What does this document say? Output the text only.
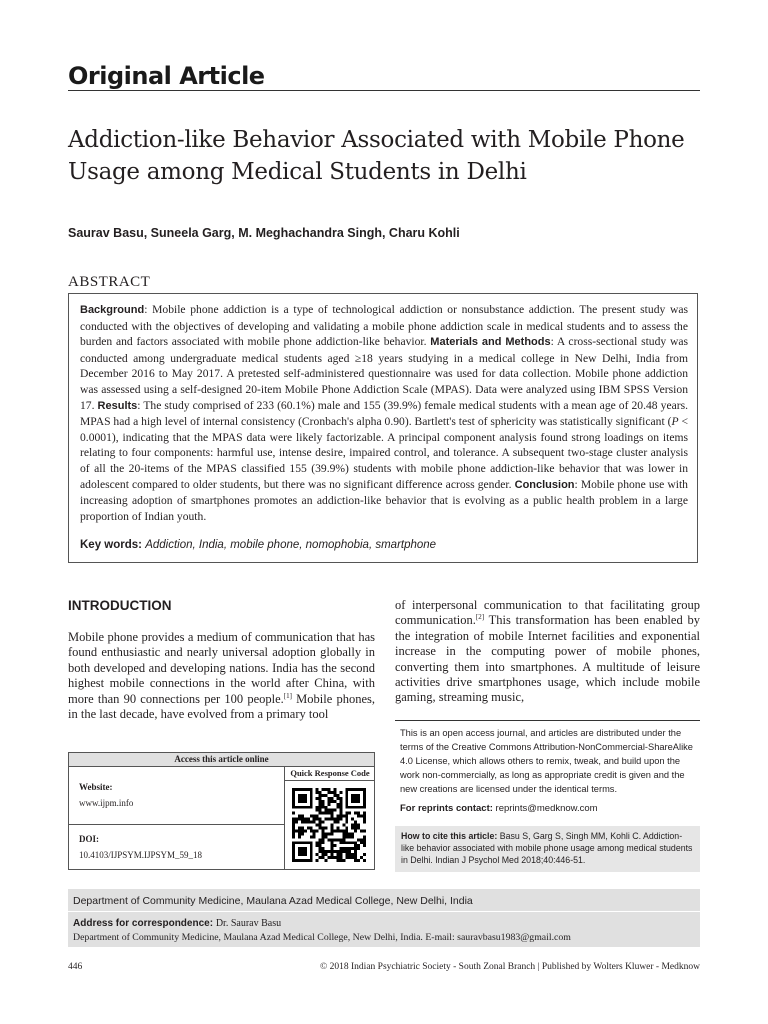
Original Article
Addiction-like Behavior Associated with Mobile Phone
Usage among Medical Students in Delhi
Saurav Basu, Suneela Garg, M. Meghachandra Singh, Charu Kohli
ABSTRACT
Background: Mobile phone addiction is a type of technological addiction or nonsubstance addiction. The present study was conducted with the objectives of developing and validating a mobile phone addiction scale in medical students and to assess the burden and factors associated with mobile phone addiction-like behavior. Materials and Methods: A cross-sectional study was conducted among undergraduate medical students aged ≥18 years studying in a medical college in New Delhi, India from December 2016 to May 2017. A pretested self-administered questionnaire was used for data collection. Mobile phone addiction was assessed using a self-designed 20-item Mobile Phone Addiction Scale (MPAS). Data were analyzed using IBM SPSS Version 17. Results: The study comprised of 233 (60.1%) male and 155 (39.9%) female medical students with a mean age of 20.48 years. MPAS had a high level of internal consistency (Cronbach's alpha 0.90). Bartlett's test of sphericity was statistically significant (P < 0.0001), indicating that the MPAS data were likely factorizable. A principal component analysis found strong loadings on items relating to four components: harmful use, intense desire, impaired control, and tolerance. A subsequent two-stage cluster analysis of all the 20-items of the MPAS classified 155 (39.9%) students with mobile phone addiction-like behavior that was lower in adolescent compared to older students, but there was no significant difference across gender. Conclusion: Mobile phone use with increasing adoption of smartphones promotes an addiction-like behavior that is evolving as a public health problem in a large proportion of Indian youth.
Key words: Addiction, India, mobile phone, nomophobia, smartphone
INTRODUCTION
Mobile phone provides a medium of communication that has found enthusiastic and nearly universal adoption globally in both developed and developing nations. India has the second highest mobile connections in the world after China, with more than 90 connections per 100 people.[1] Mobile phones, in the last decade, have evolved from a primary tool
of interpersonal communication to that facilitating group communication.[2] This transformation has been enabled by the integration of mobile Internet facilities and exponential increase in the computing power of mobile phones, converting them into smartphones. A multitude of leisure activities drive smartphones usage, which include mobile gaming, streaming music,
Access this article online
Website:
www.ijpm.info
DOI:
10.4103/IJPSYM.IJPSYM_59_18
Quick Response Code
This is an open access journal, and articles are distributed under the terms of the Creative Commons Attribution-NonCommercial-ShareAlike 4.0 License, which allows others to remix, tweak, and build upon the work non-commercially, as long as appropriate credit is given and the new creations are licensed under the identical terms.
For reprints contact: reprints@medknow.com
How to cite this article: Basu S, Garg S, Singh MM, Kohli C. Addiction-like behavior associated with mobile phone usage among medical students in Delhi. Indian J Psychol Med 2018;40:446-51.
Department of Community Medicine, Maulana Azad Medical College, New Delhi, India
Address for correspondence: Dr. Saurav Basu
Department of Community Medicine, Maulana Azad Medical College, New Delhi, India. E-mail: sauravbasu1983@gmail.com
446	© 2018 Indian Psychiatric Society - South Zonal Branch | Published by Wolters Kluwer - Medknow
